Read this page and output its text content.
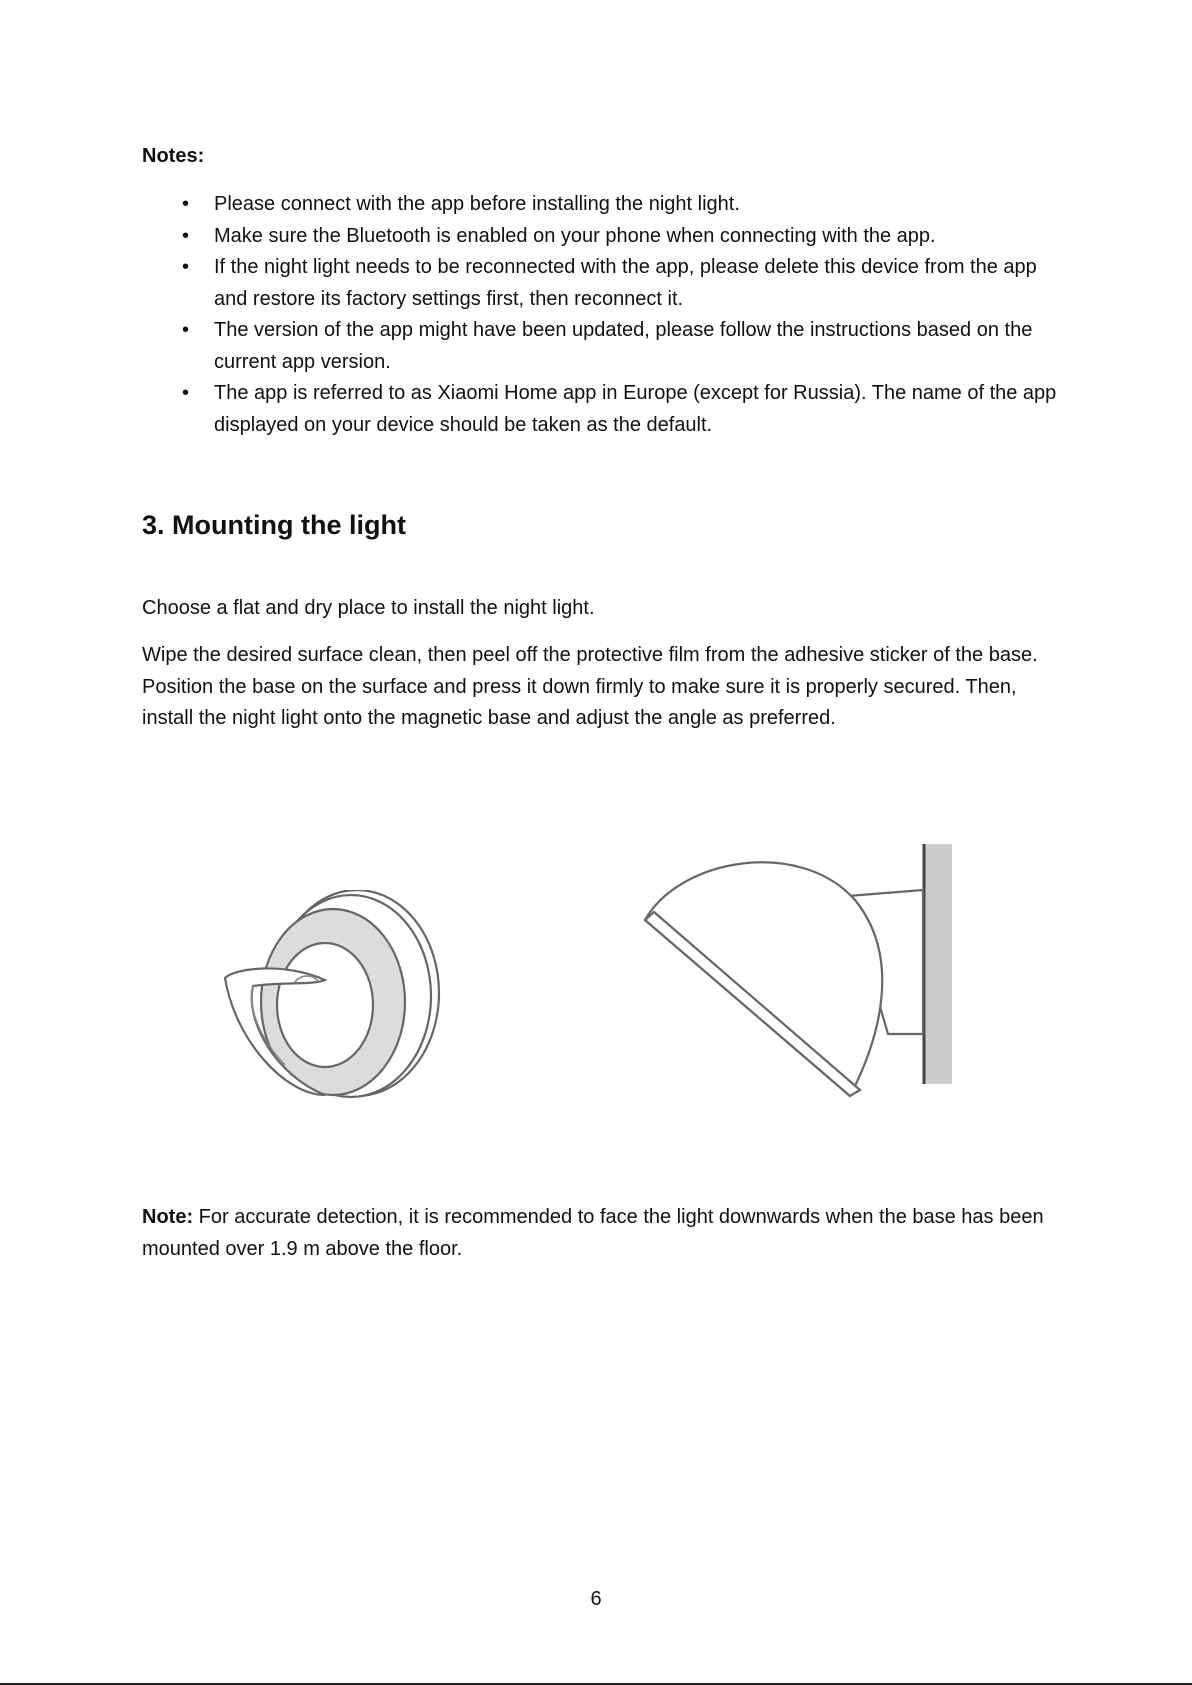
Notes:
• Please connect with the app before installing the night light.
• Make sure the Bluetooth is enabled on your phone when connecting with the app.
• If the night light needs to be reconnected with the app, please delete this device from the app and restore its factory settings first, then reconnect it.
• The version of the app might have been updated, please follow the instructions based on the current app version.
• The app is referred to as Xiaomi Home app in Europe (except for Russia). The name of the app displayed on your device should be taken as the default.
3. Mounting the light

Choose a flat and dry place to install the night light.

Wipe the desired surface clean, then peel off the protective film from the adhesive sticker of the base. Position the base on the surface and press it down firmly to make sure it is properly secured. Then, install the night light onto the magnetic base and adjust the angle as preferred.

Note: For accurate detection, it is recommended to face the light downwards when the base has been mounted over 1.9 m above the floor.

6
